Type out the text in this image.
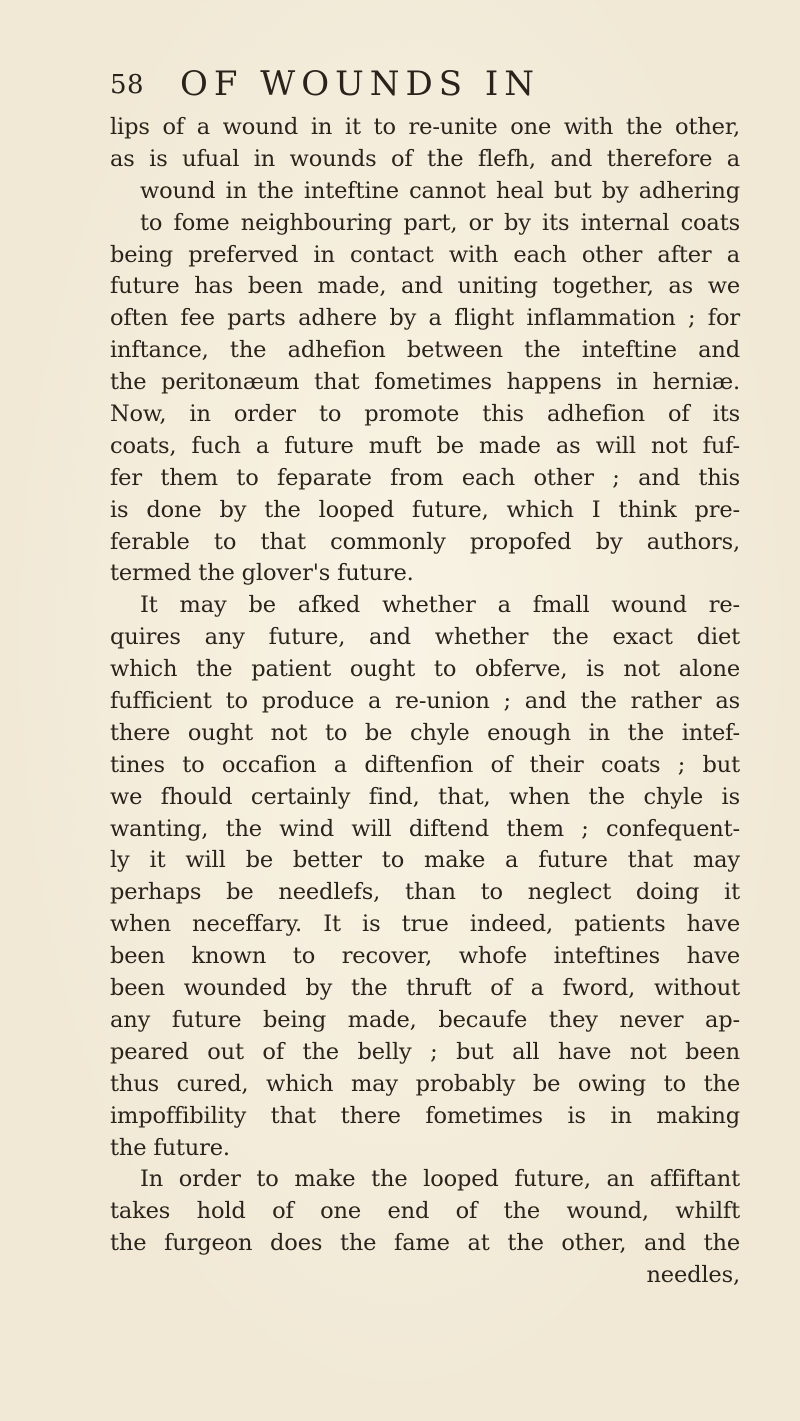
58 OF WOUNDS IN
lips of a wound in it to re-unite one with the other,
as is ufual in wounds of the flefh, and therefore a
wound in the inteftine cannot heal but by adhering
to fome neighbouring part, or by its internal coats
being preferved in contact with each other after a
future has been made, and uniting together, as we
often fee parts adhere by a flight inflammation ; for
inftance, the adhefion between the inteftine and
the peritonæum that fometimes happens in herniæ.
Now, in order to promote this adhefion of its
coats, fuch a future muft be made as will not fuf-
fer them to feparate from each other ; and this
is done by the looped future, which I think pre-
ferable to that commonly propofed by authors,
termed the glover's future.
It may be afked whether a fmall wound re-
quires any future, and whether the exact diet
which the patient ought to obferve, is not alone
fufficient to produce a re-union ; and the rather as
there ought not to be chyle enough in the intef-
tines to occafion a diftenfion of their coats ; but
we fhould certainly find, that, when the chyle is
wanting, the wind will diftend them ; confequent-
ly it will be better to make a future that may
perhaps be needlefs, than to neglect doing it
when neceffary. It is true indeed, patients have
been known to recover, whofe inteftines have
been wounded by the thruft of a fword, without
any future being made, becaufe they never ap-
peared out of the belly ; but all have not been
thus cured, which may probably be owing to the
impoffibility that there fometimes is in making
the future.
In order to make the looped future, an affiftant
takes hold of one end of the wound, whilft
the furgeon does the fame at the other, and the
needles,
